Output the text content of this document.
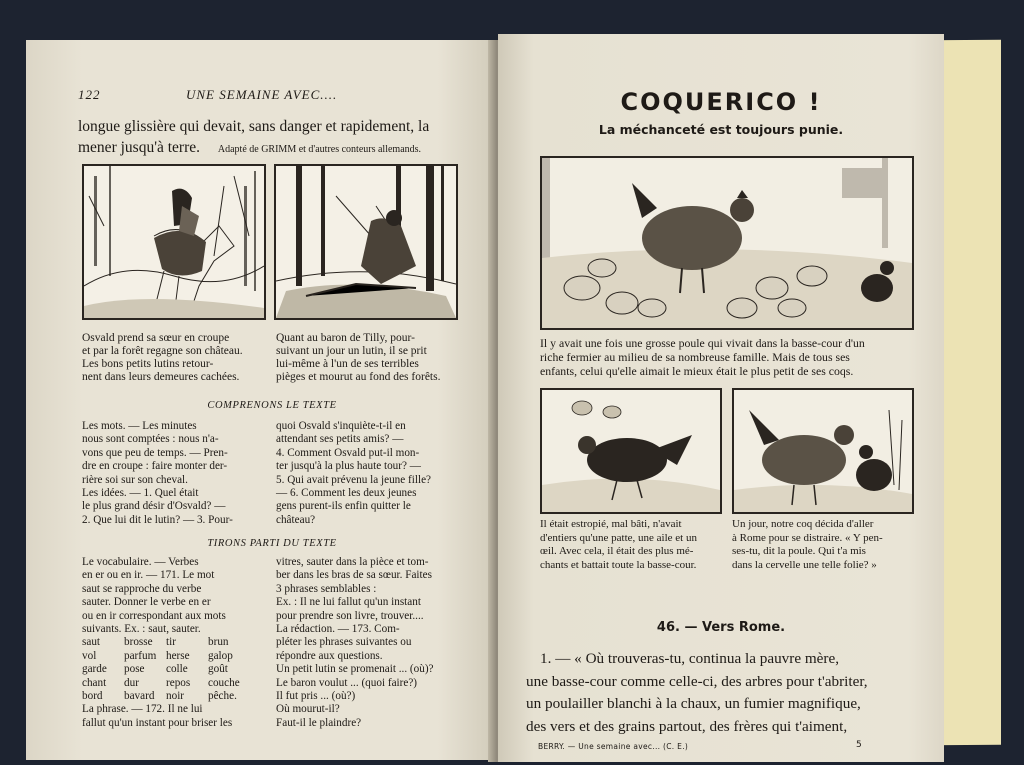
122	UNE SEMAINE AVEC....
longue glissière qui devait, sans danger et rapidement, la
mener jusqu'à terre. Adapté de GRIMM et d'autres conteurs allemands.
Osvald prend sa sœur en croupe
et par la forêt regagne son château.
Les bons petits lutins retour-
nent dans leurs demeures cachées.
Quant au baron de Tilly, pour-
suivant un jour un lutin, il se prit
lui-même à l'un de ses terribles
pièges et mourut au fond des forêts.
COMPRENONS LE TEXTE
Les mots. — Les minutes
nous sont comptées : nous n'a-
vons que peu de temps. — Pren-
dre en croupe : faire monter der-
rière soi sur son cheval.
Les idées. — 1. Quel était
le plus grand désir d'Osvald? —
2. Que lui dit le lutin? — 3. Pour-
quoi Osvald s'inquiète-t-il en
attendant ses petits amis? —
4. Comment Osvald put-il mon-
ter jusqu'à la plus haute tour? —
5. Qui avait prévenu la jeune fille?
— 6. Comment les deux jeunes
gens purent-ils enfin quitter le
château?
TIRONS PARTI DU TEXTE
Le vocabulaire. — Verbes
en er ou en ir. — 171. Le mot
saut se rapproche du verbe
sauter. Donner le verbe en er
ou en ir correspondant aux mots
suivants. Ex. : saut, sauter.
saut	brosse	tir	brun
vol	parfum herse	galop
garde	pose	colle	goût
chant	dur	repos	couche
bord	bavard	noir	pêche.
La phrase. — 172. Il ne lui
fallut qu'un instant pour briser les
vitres, sauter dans la pièce et tom-
ber dans les bras de sa sœur. Faites
3 phrases semblables :
Ex. : Il ne lui fallut qu'un instant
pour prendre son livre, trouver....
La rédaction. — 173. Com-
pléter les phrases suivantes ou
répondre aux questions.
Un petit lutin se promenait ... (où)?
Le baron voulut ... (quoi faire?)
Il fut pris ... (où?)
Où mourut-il?
Faut-il le plaindre?
COQUERICO !
La méchanceté est toujours punie.
Il y avait une fois une grosse poule qui vivait dans la basse-cour d'un
riche fermier au milieu de sa nombreuse famille. Mais de tous ses
enfants, celui qu'elle aimait le mieux était le plus petit de ses coqs.
Il était estropié, mal bâti, n'avait
d'entiers qu'une patte, une aile et un
œil. Avec cela, il était des plus mé-
chants et battait toute la basse-cour.
Un jour, notre coq décida d'aller
à Rome pour se distraire. « Y pen-
ses-tu, dit la poule. Qui t'a mis
dans la cervelle une telle folie? »
46. — Vers Rome.
1. — « Où trouveras-tu, continua la pauvre mère,
une basse-cour comme celle-ci, des arbres pour t'abriter,
un poulailler blanchi à la chaux, un fumier magnifique,
des vers et des grains partout, des frères qui t'aiment,
BERRY. — Une semaine avec... (C. E.)	5
